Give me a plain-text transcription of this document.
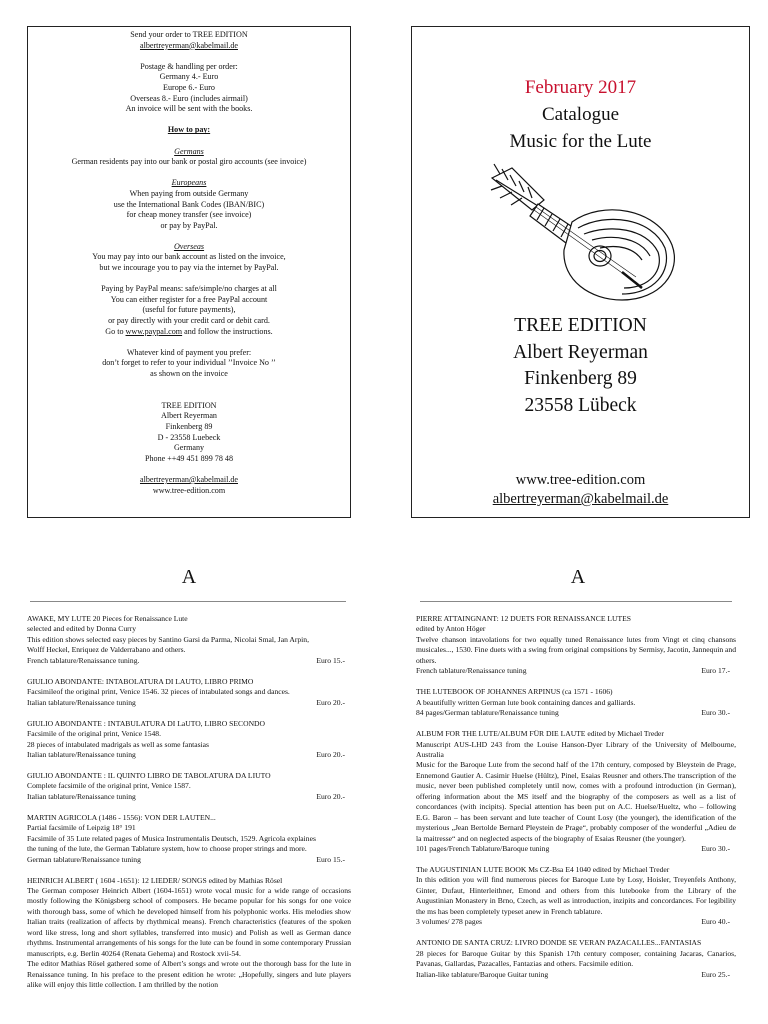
Send your order to TREE EDITION

albertreyerman@kabelmail.de

Postage & handling per order:

Germany 4.- Euro

Europe 6.- Euro

Overseas 8.- Euro (includes airmail)

An invoice will be sent with the books.

How to pay:

Germans

German residents pay into our bank or postal giro accounts (see invoice)

Europeans

When paying from outside Germany

use the International Bank Codes (IBAN/BIC)

for cheap money transfer (see invoice)

or pay by PayPal.

Overseas

You may pay into our bank account as listed on the invoice,

but we incourage you to pay via the internet by PayPal.

Paying by PayPal means: safe/simple/no charges at all

You can either register for a free PayPal account

(useful for future payments),

or pay directly with your credit card or debit card.

Go to www.paypal.com and follow the instructions.

Whatever kind of payment you prefer:

don’t forget to refer to your individual ’’Invoice No ’’

as shown on the invoice

TREE EDITION

Albert Reyerman

Finkenberg 89

D - 23558 Luebeck

Germany

Phone ++49 451 899 78 48

albertreyerman@kabelmail.de

www.tree-edition.com

February 2017
Catalogue
Music for the Lute
TREE EDITION
Albert Reyerman
Finkenberg 89
23558 Lübeck
www.tree-edition.com
albertreyerman@kabelmail.de
A	A

AWAKE, MY LUTE 20 Pieces for Renaissance Lute

selected and edited by Donna Curry

This edition shows selected easy pieces by Santino Garsi da Parma, Nicolai Smal, Jan Arpin,

Wolff Heckel, Enriquez de Valderrabano and others.

French tablature/Renaissance tuning.	Euro 15.-

GIULIO ABONDANTE: INTABOLATURA DI LAUTO, LIBRO PRIMO

Facsimileof the original print, Venice 1546. 32 pieces of intabulated songs and dances.

Italian tablature/Renaissance tuning	Euro 20.-

GIULIO ABONDANTE : INTABULATURA DI LaUTO, LIBRO SECONDO

Facsimile of the original print, Venice 1548.

28 pieces of intabulated madrigals as well as some fantasias

Italian tablature/Renaissance tuning	Euro 20.-

GIULIO ABONDANTE : IL QUINTO LIBRO DE TABOLATURA DA LIUTO

Complete facsimile of the original print, Venice 1587.

Italian tablature/Renaissance tuning	Euro 20.-

MARTIN AGRICOLA (1486 - 1556): VON DER LAUTEN...

Partial facsimile of Leipzig 18° 191

Facsimile of 35 Lute related pages of Musica Instrumentalis Deutsch, 1529. Agricola explaines

the tuning of the lute, the German Tablature system, how to choose proper strings and more.

German tablature/Renaissance tuning	Euro 15.-

HEINRICH ALBERT ( 1604 -1651): 12 LIEDER/ SONGS edited by Mathias Rösel

The German composer Heinrich Albert (1604-1651) wrote vocal music for a wide range of occasions mostly following the Königsberg school of composers. He became popular for his songs for one voice with thorough bass, some of which he developed himself from his polyphonic works. His melodies show Italian traits (realization of affects by rhythmical means). French characteristics (features of the spoken word like stress, long and short syllables, transferred into music) and Polish as well as German dance rhythms. Instrumental arrangements of his songs for the lute can be found in some contemporary Prussian manuscripts, e.g. Berlin 40264 (Renata Gehema) and Rostock xvii-54.

The editor Mathias Rösel gathered some of Albert’s songs and wrote out the thorough bass for the lute in Renaissance tuning. In his preface to the present edition he wrote: „Hopefully, singers and lute players alike will enjoy this little collection. I am thrilled by the notion

PIERRE ATTAINGNANT: 12 DUETS FOR RENAISSANCE LUTES

edited by Anton Höger

Twelve chanson intavolations for two equally tuned Renaissance lutes from Vingt et cinq chansons musicales..., 1530. Fine duets with a swing from original compsitions by Sermisy, Jacotin, Jannequin and others.

French tablature/Renaissance tuning	Euro 17.-

THE LUTEBOOK OF JOHANNES ARPINUS (ca 1571 - 1606)

A beautifully written German lute book containing dances and galliards.

84 pages/German tablature/Renaissance tuning	Euro 30.-

ALBUM FOR THE LUTE/ALBUM FÜR DIE LAUTE edited by Michael Treder

Manuscript AUS-LHD 243 from the Louise Hanson-Dyer Library of the University of Melbourne, Australia

Music for the Baroque Lute from the second half of the 17th century, composed by Bleystein de Prage, Ennemond Gautier A. Casimir Huelse (Hültz), Pinel, Esaias Reusner and others.The transcription of the music, never been published completely until now, comes with a profound introduction (in German), offering information about the MS itself and the biography of the composers as well as a list of concordances (with incipits). Special attention has been put on A.C. Huelse/Hueltz, who – following E.G. Baron – has been servant and lute teacher of Count Losy (the younger), the identification of the mysterious „Jean Bertolde Bernard Pleystein de Prage“, probably composer of the wonderful „Adieu de la maitresse“ and on neglected aspects of the biography of Esaias Reusner (the younger).

101 pages/French Tablature/Baroque tuning	Euro 30.-

The AUGUSTINIAN LUTE BOOK Ms CZ-Bsa E4 1040 edited by Michael Treder

In this edition you will find numerous pieces for Baroque Lute by Losy, Hoisler, Treyenfels Anthony, Ginter, Dufaut, Hinterleithner, Emond and others from this lutebooke from the Library of the Augustinian Monastery in Brno, Czech, as well as introduction, inzipits and concordances. For legibility the ms has been completely typeset anew in French tablature.

3 volumes/ 278 pages	Euro 40.-

ANTONIO DE SANTA CRUZ: LIVRO DONDE SE VERAN PAZACALLES...FANTASIAS

28 pieces for Baroque Guitar by this Spanish 17th century composer, containing Jacaras, Canarios, Pavanas, Gallardas, Pazacalles, Fantazias and others. Facsimile edition.

Italian-like tablature/Baroque Guitar tuning	Euro 25.-
